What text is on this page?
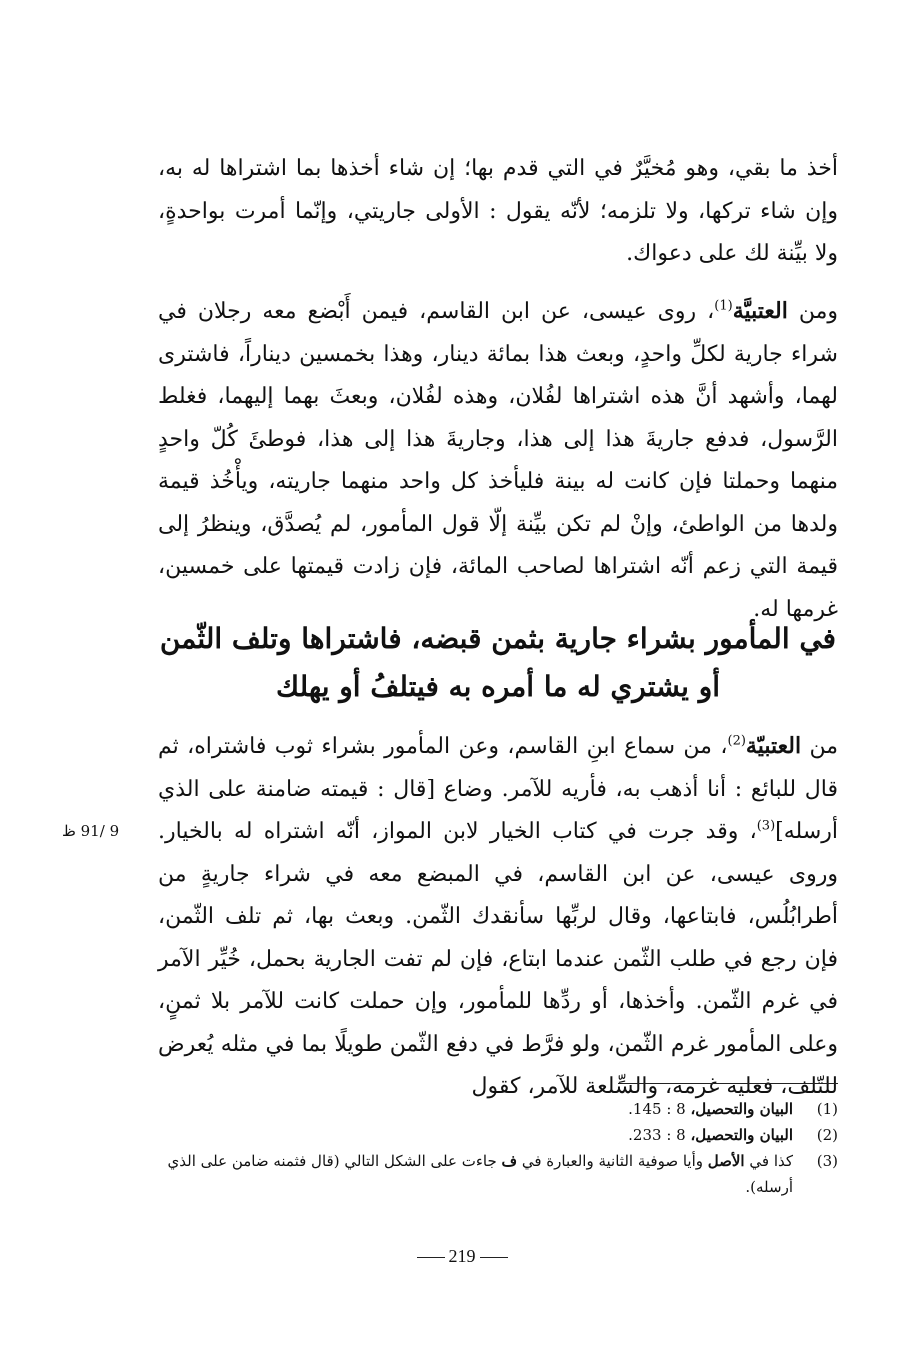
أخذ ما بقي، وهو مُخيَّرٌ في التي قدم بها؛ إن شاء أخذها بما اشتراها له به، وإن شاء تركها، ولا تلزمه؛ لأنّه يقول : الأولى جاريتي، وإنّما أمرت بواحدةٍ، ولا بيِّنة لك على دعواك.
ومن العتبيَّة$^{(1)}$، روى عيسى، عن ابن القاسم، فيمن أَبْضع معه رجلان في شراء جارية لكلِّ واحدٍ، وبعث هذا بمائة دينار، وهذا بخمسين ديناراً، فاشترى لهما، وأشهد أنَّ هذه اشتراها لفُلان، وهذه لفُلان، وبعثَ بهما إليهما، فغلط الرَّسول، فدفع جاريةَ هذا إلى هذا، وجاريةَ هذا إلى هذا، فوطئَ كُلّ واحدٍ منهما وحملتا فإن كانت له بينة فليأخذ كل واحد منهما جاريته، ويأْخُذ قيمة ولدها من الواطئ، وإنْ لم تكن بيِّنة إلّا قول المأمور، لم يُصدَّق، وينظرُ إلى قيمة التي زعم أنّه اشتراها لصاحب المائة، فإن زادت قيمتها على خمسين، غرمها له.
في المأمور بشراء جارية بثمن قبضه، فاشتراها وتلف الثّمن
أو يشتري له ما أمره به فيتلفُ أو يهلك
من العتبيّة$^{(2)}$، من سماع ابنِ القاسم، وعن المأمور بشراء ثوب فاشتراه، ثم قال للبائع : أنا أذهب به، فأريه للآمر. وضاع [قال : قيمته ضامنة على الذي أرسله]$^{(3)}$، وقد جرت في كتاب الخيار لابن المواز، أنّه اشتراه له بالخيار. وروى عيسى، عن ابن القاسم، في المبضع معه في شراء جاريةٍ من أطرابُلُس، فابتاعها، وقال لربِّها سأنقدك الثّمن. وبعث بها، ثم تلف الثّمن، فإن رجع في طلب الثّمن عندما ابتاع، فإن لم تفت الجارية بحمل، خُيِّر الآمر في غرم الثّمن. وأخذها، أو ردِّها للمأمور، وإن حملت كانت للآمر بلا ثمنٍ، وعلى المأمور غرم الثّمن، ولو فرَّط في دفع الثّمن طويلًا بما في مثله يُعرض للتّلف، فعليه غرمه، والسِّلعة للآمر، كقول
9 /91 ظ
(1)
البيان والتحصيل، 8 : 145.
(2)
البيان والتحصيل، 8 : 233.
(3)
كذا في الأصل وأيا صوفية الثانية والعبارة في ف جاءت على الشكل التالي (قال فثمنه ضامن على الذي أرسله).
219
